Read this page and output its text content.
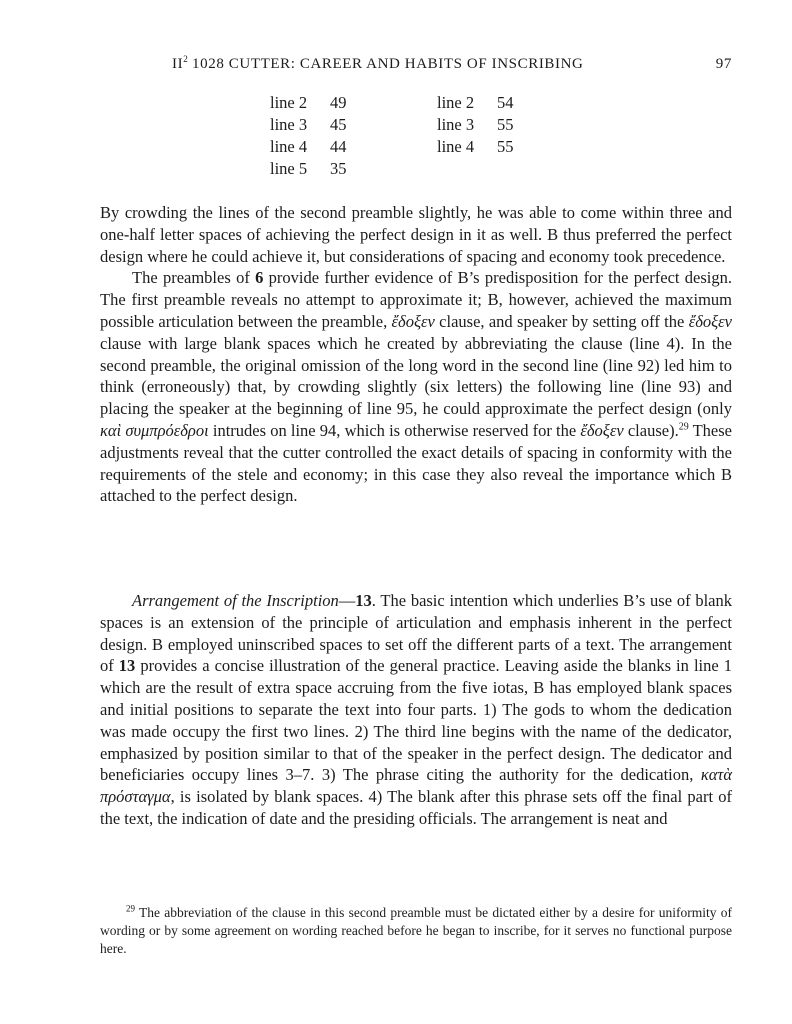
$II^2$ 1028 CUTTER: CAREER AND HABITS OF INSCRIBING	97
line 2 49
line 3 45
line 4 44
line 5 35
line 2 54
line 3 55
line 4 55

By crowding the lines of the second preamble slightly, he was able to come within three and one-half letter spaces of achieving the perfect design in it as well. B thus preferred the perfect design where he could achieve it, but considerations of spacing and economy took precedence.

The preambles of 6 provide further evidence of B’s predisposition for the perfect design. The first preamble reveals no attempt to approximate it; B, however, achieved the maximum possible articulation between the preamble, ἔδοξεν clause, and speaker by setting off the ἔδοξεν clause with large blank spaces which he created by abbreviating the clause (line 4). In the second preamble, the original omission of the long word in the second line (line 92) led him to think (erroneously) that, by crowding slightly (six letters) the following line (line 93) and placing the speaker at the beginning of line 95, he could approximate the perfect design (only καὶ συμπρόεδροι intrudes on line 94, which is otherwise reserved for the ἔδοξεν clause).$^{29}$ These adjustments reveal that the cutter controlled the exact details of spacing in conformity with the requirements of the stele and economy; in this case they also reveal the importance which B attached to the perfect design.

Arrangement of the Inscription—13. The basic intention which underlies B’s use of blank spaces is an extension of the principle of articulation and emphasis inherent in the perfect design. B employed uninscribed spaces to set off the different parts of a text. The arrangement of 13 provides a concise illustration of the general practice. Leaving aside the blanks in line 1 which are the result of extra space accruing from the five iotas, B has employed blank spaces and initial positions to separate the text into four parts. 1) The gods to whom the dedication was made occupy the first two lines. 2) The third line begins with the name of the dedicator, emphasized by position similar to that of the speaker in the perfect design. The dedicator and beneficiaries occupy lines 3–7. 3) The phrase citing the authority for the dedication, κατὰ πρόσταγμα, is isolated by blank spaces. 4) The blank after this phrase sets off the final part of the text, the indication of date and the presiding officials. The arrangement is neat and

$^{29}$ The abbreviation of the clause in this second preamble must be dictated either by a desire for uniformity of wording or by some agreement on wording reached before he began to inscribe, for it serves no functional purpose here.
